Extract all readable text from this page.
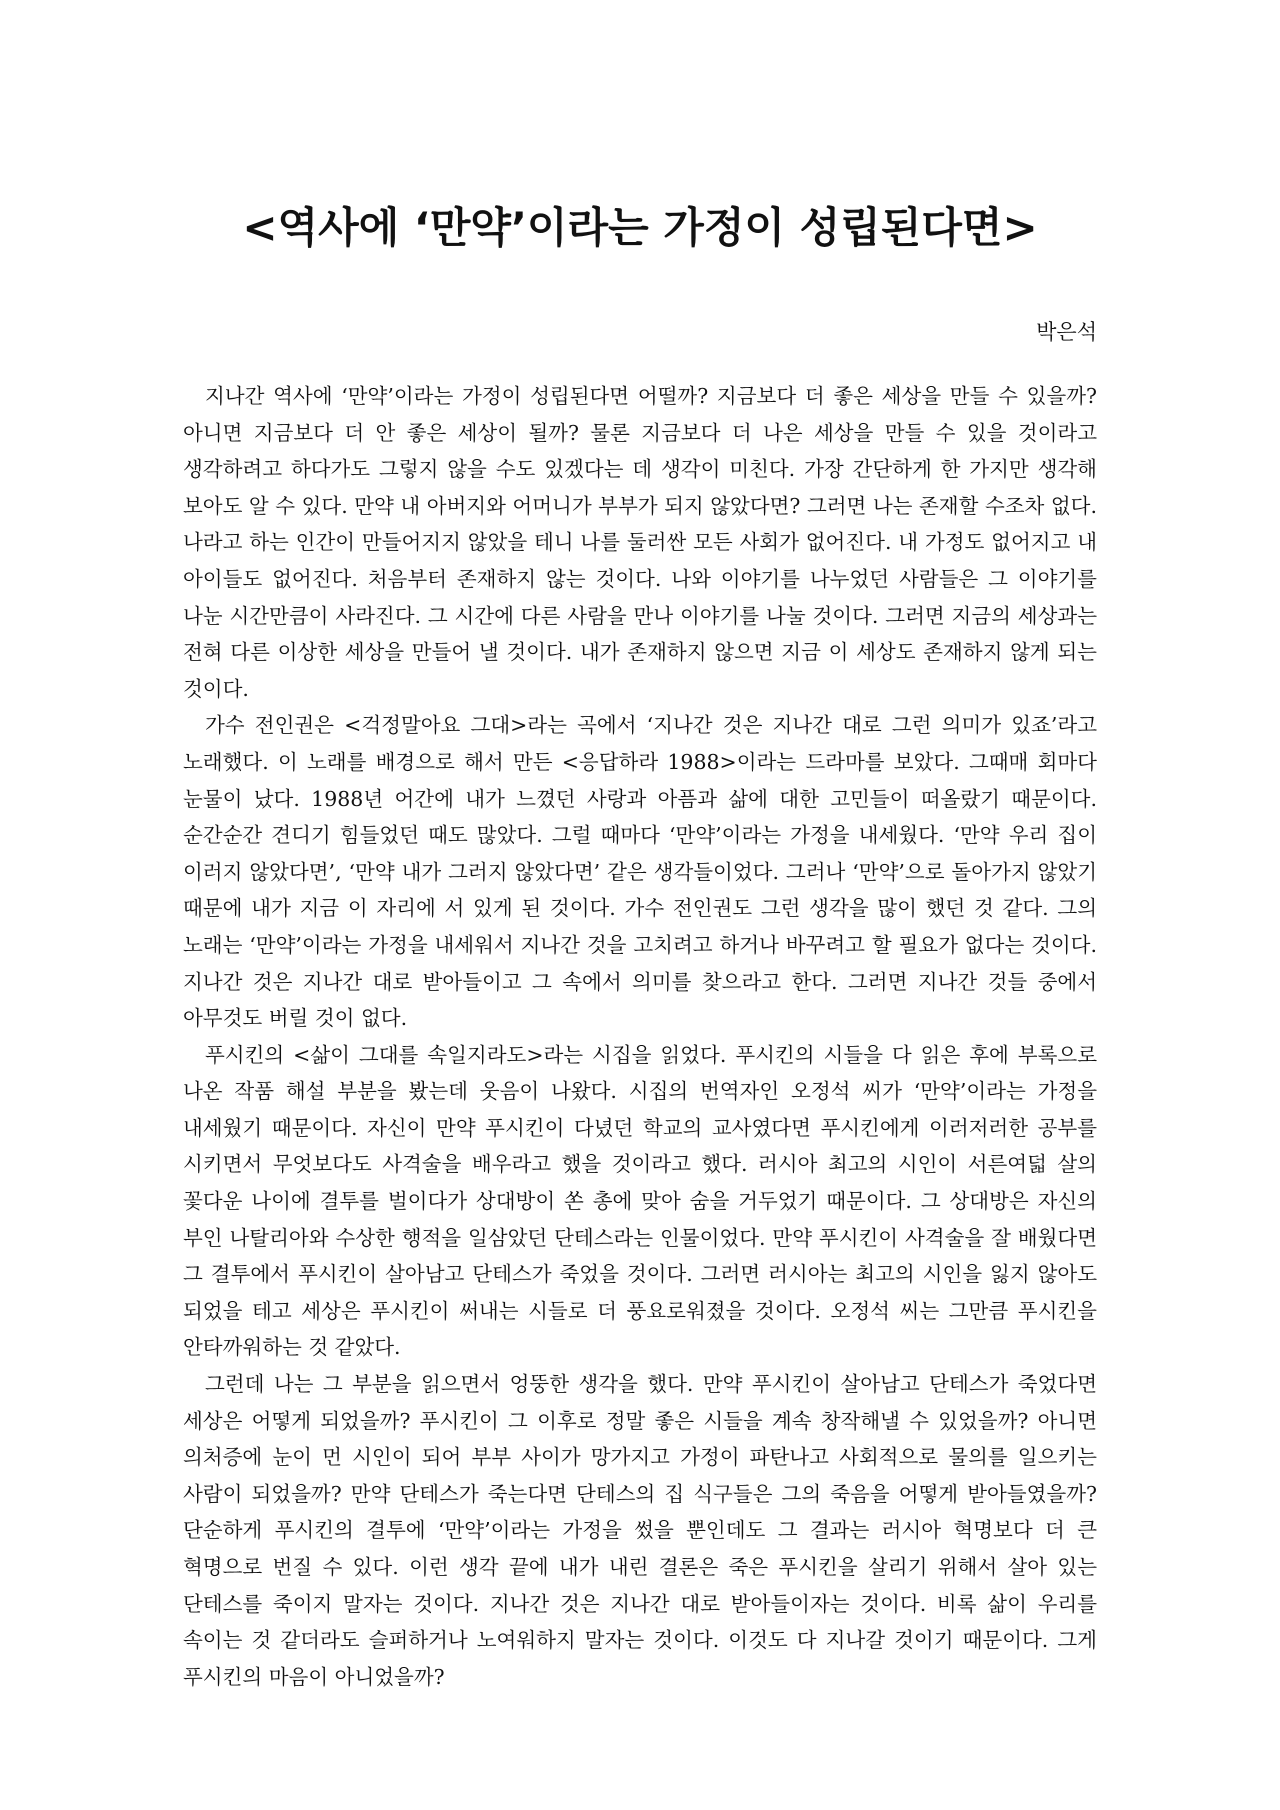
<역사에 ‘만약’이라는 가정이 성립된다면>

박은석

지나간 역사에 ‘만약’이라는 가정이 성립된다면 어떨까? 지금보다 더 좋은 세상을 만들 수 있을까? 아니면 지금보다 더 안 좋은 세상이 될까? 물론 지금보다 더 나은 세상을 만들 수 있을 것이라고 생각하려고 하다가도 그렇지 않을 수도 있겠다는 데 생각이 미친다. 가장 간단하게 한 가지만 생각해 보아도 알 수 있다. 만약 내 아버지와 어머니가 부부가 되지 않았다면? 그러면 나는 존재할 수조차 없다. 나라고 하는 인간이 만들어지지 않았을 테니 나를 둘러싼 모든 사회가 없어진다. 내 가정도 없어지고 내 아이들도 없어진다. 처음부터 존재하지 않는 것이다. 나와 이야기를 나누었던 사람들은 그 이야기를 나눈 시간만큼이 사라진다. 그 시간에 다른 사람을 만나 이야기를 나눌 것이다. 그러면 지금의 세상과는 전혀 다른 이상한 세상을 만들어 낼 것이다. 내가 존재하지 않으면 지금 이 세상도 존재하지 않게 되는 것이다.

가수 전인권은 <걱정말아요 그대>라는 곡에서 ‘지나간 것은 지나간 대로 그런 의미가 있죠’라고 노래했다. 이 노래를 배경으로 해서 만든 <응답하라 1988>이라는 드라마를 보았다. 그때매 회마다 눈물이 났다. 1988년 어간에 내가 느꼈던 사랑과 아픔과 삶에 대한 고민들이 떠올랐기 때문이다. 순간순간 견디기 힘들었던 때도 많았다. 그럴 때마다 ‘만약’이라는 가정을 내세웠다. ‘만약 우리 집이 이러지 않았다면’, ‘만약 내가 그러지 않았다면’ 같은 생각들이었다. 그러나 ‘만약’으로 돌아가지 않았기 때문에 내가 지금 이 자리에 서 있게 된 것이다. 가수 전인권도 그런 생각을 많이 했던 것 같다. 그의 노래는 ‘만약’이라는 가정을 내세워서 지나간 것을 고치려고 하거나 바꾸려고 할 필요가 없다는 것이다. 지나간 것은 지나간 대로 받아들이고 그 속에서 의미를 찾으라고 한다. 그러면 지나간 것들 중에서 아무것도 버릴 것이 없다.

푸시킨의 <삶이 그대를 속일지라도>라는 시집을 읽었다. 푸시킨의 시들을 다 읽은 후에 부록으로 나온 작품 해설 부분을 봤는데 웃음이 나왔다. 시집의 번역자인 오정석 씨가 ‘만약’이라는 가정을 내세웠기 때문이다. 자신이 만약 푸시킨이 다녔던 학교의 교사였다면 푸시킨에게 이러저러한 공부를 시키면서 무엇보다도 사격술을 배우라고 했을 것이라고 했다. 러시아 최고의 시인이 서른여덟 살의 꽃다운 나이에 결투를 벌이다가 상대방이 쏜 총에 맞아 숨을 거두었기 때문이다. 그 상대방은 자신의 부인 나탈리아와 수상한 행적을 일삼았던 단테스라는 인물이었다. 만약 푸시킨이 사격술을 잘 배웠다면 그 결투에서 푸시킨이 살아남고 단테스가 죽었을 것이다. 그러면 러시아는 최고의 시인을 잃지 않아도 되었을 테고 세상은 푸시킨이 써내는 시들로 더 풍요로워졌을 것이다. 오정석 씨는 그만큼 푸시킨을 안타까워하는 것 같았다.

그런데 나는 그 부분을 읽으면서 엉뚱한 생각을 했다. 만약 푸시킨이 살아남고 단테스가 죽었다면 세상은 어떻게 되었을까? 푸시킨이 그 이후로 정말 좋은 시들을 계속 창작해낼 수 있었을까? 아니면 의처증에 눈이 먼 시인이 되어 부부 사이가 망가지고 가정이 파탄나고 사회적으로 물의를 일으키는 사람이 되었을까? 만약 단테스가 죽는다면 단테스의 집 식구들은 그의 죽음을 어떻게 받아들였을까? 단순하게 푸시킨의 결투에 ‘만약’이라는 가정을 썼을 뿐인데도 그 결과는 러시아 혁명보다 더 큰 혁명으로 번질 수 있다. 이런 생각 끝에 내가 내린 결론은 죽은 푸시킨을 살리기 위해서 살아 있는 단테스를 죽이지 말자는 것이다. 지나간 것은 지나간 대로 받아들이자는 것이다. 비록 삶이 우리를 속이는 것 같더라도 슬퍼하거나 노여워하지 말자는 것이다. 이것도 다 지나갈 것이기 때문이다. 그게 푸시킨의 마음이 아니었을까?
